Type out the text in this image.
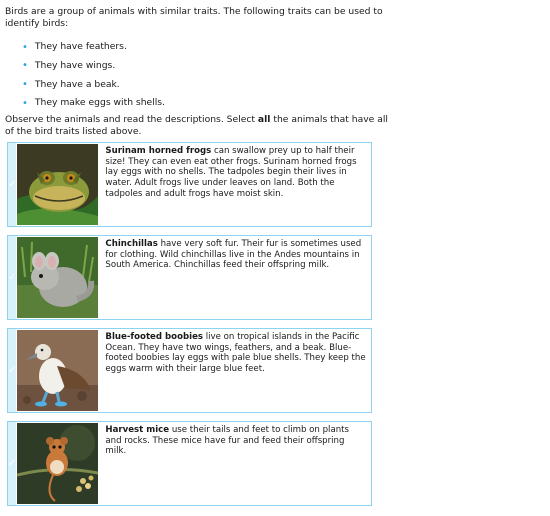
Birds are a group of animals with similar traits. The following traits can be used to identify birds:
• They have feathers.
• They have wings.
• They have a beak.
• They make eggs with shells.
Observe the animals and read the descriptions. Select all the animals that have all of the bird traits listed above.
✓
Surinam horned frogs can swallow prey up to half their size! They can even eat other frogs. Surinam horned frogs lay eggs with no shells. The tadpoles begin their lives in water. Adult frogs live under leaves on land. Both the tadpoles and adult frogs have moist skin.
✓
Chinchillas have very soft fur. Their fur is sometimes used for clothing. Wild chinchillas live in the Andes mountains in South America. Chinchillas feed their offspring milk.
✓
Blue-footed boobies live on tropical islands in the Pacific Ocean. They have two wings, feathers, and a beak. Blue-footed boobies lay eggs with pale blue shells. They keep the eggs warm with their large blue feet.
✓
Harvest mice use their tails and feet to climb on plants and rocks. These mice have fur and feed their offspring milk.
